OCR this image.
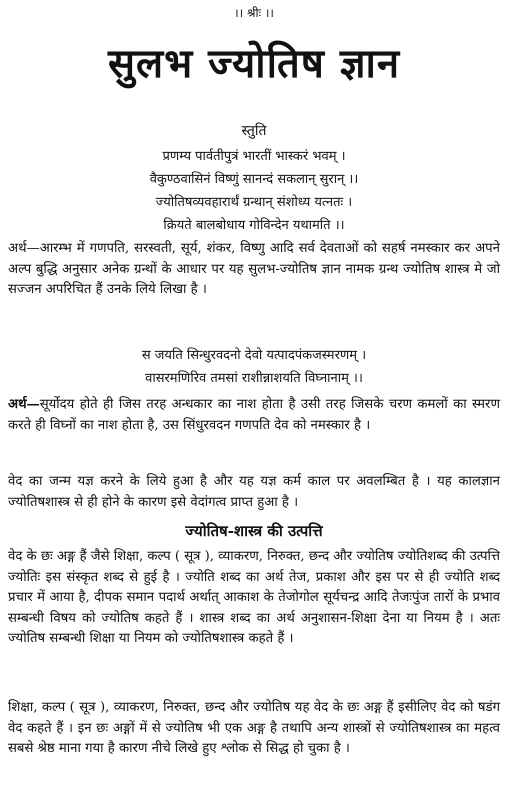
।। श्रीः ।।
सुलभ ज्योतिष ज्ञान
स्तुति
प्रणम्य पार्वतीपुत्रं भारतीं भास्करं भवम् ।
वैकुण्ठवासिनं विष्णुं सानन्दं सकलान् सुरान् ।।
ज्योतिषव्यवहारार्थं ग्रन्थान् संशोध्य यत्नतः ।
क्रियते बालबोधाय गोविन्देन यथामति ।।
अर्थ—आरम्भ में गणपति, सरस्वती, सूर्य, शंकर, विष्णु आदि सर्व देवताओं को सहर्ष नमस्कार कर अपने अल्प बुद्धि अनुसार अनेक ग्रन्थों के आधार पर यह सुलभ-ज्योतिष ज्ञान नामक ग्रन्थ ज्योतिष शास्त्र मे जो सज्जन अपरिचित हैं उनके लिये लिखा है ।
स जयति सिन्धुरवदनो देवो यत्पादपंकजस्मरणम् ।
वासरमणिरिव तमसां राशीन्नाशयति विघ्नानाम् ।।
अर्थ—सूर्योदय होते ही जिस तरह अन्धकार का नाश होता है उसी तरह जिसके चरण कमलों का स्मरण करते ही विघ्नों का नाश होता है, उस सिंधुरवदन गणपति देव को नमस्कार है ।
वेद का जन्म यज्ञ करने के लिये हुआ है और यह यज्ञ कर्म काल पर अवलम्बित है । यह कालज्ञान ज्योतिषशास्त्र से ही होने के कारण इसे वेदांगत्व प्राप्त हुआ है ।
ज्योतिष-शास्त्र की उत्पत्ति
वेद के छः अङ्ग हैं जैसे शिक्षा, कल्प ( सूत्र ), व्याकरण, निरुक्त, छन्द और ज्योतिष ज्योतिशब्द की उत्पत्ति ज्योतिः इस संस्कृत शब्द से हुई है । ज्योति शब्द का अर्थ तेज, प्रकाश और इस पर से ही ज्योति शब्द प्रचार में आया है, दीपक समान पदार्थ अर्थात् आकाश के तेजोगोल सूर्यचन्द्र आदि तेजःपुंज तारों के प्रभाव सम्बन्धी विषय को ज्योतिष कहते हैं । शास्त्र शब्द का अर्थ अनुशासन-शिक्षा देना या नियम है । अतः ज्योतिष सम्बन्धी शिक्षा या नियम को ज्योतिषशास्त्र कहते हैं ।
शिक्षा, कल्प ( सूत्र ), व्याकरण, निरुक्त, छन्द और ज्योतिष यह वेद के छः अङ्ग हैं इसीलिए वेद को षडंग वेद कहते हैं । इन छः अङ्गों में से ज्योतिष भी एक अङ्ग है तथापि अन्य शास्त्रों से ज्योतिषशास्त्र का महत्व सबसे श्रेष्ठ माना गया है कारण नीचे लिखे हुए श्लोक से सिद्ध हो चुका है ।
